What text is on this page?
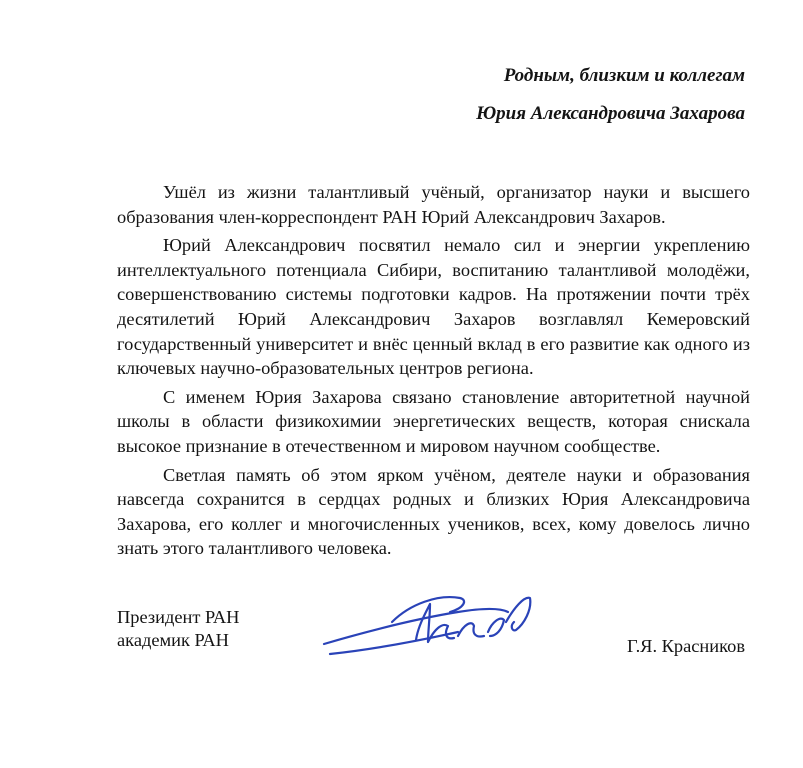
Родным, близким и коллегам
Юрия Александровича Захарова

Ушёл из жизни талантливый учёный, организатор науки и высшего образования член-корреспондент РАН Юрий Александрович Захаров.

Юрий Александрович посвятил немало сил и энергии укреплению интеллектуального потенциала Сибири, воспитанию талантливой молодёжи, совершенствованию системы подготовки кадров. На протяжении почти трёх десятилетий Юрий Александрович Захаров возглавлял Кемеровский государственный университет и внёс ценный вклад в его развитие как одного из ключевых научно-образовательных центров региона.

С именем Юрия Захарова связано становление авторитетной научной школы в области физикохимии энергетических веществ, которая снискала высокое признание в отечественном и мировом научном сообществе.

Светлая память об этом ярком учёном, деятеле науки и образования навсегда сохранится в сердцах родных и близких Юрия Александровича Захарова, его коллег и многочисленных учеников, всех, кому довелось лично знать этого талантливого человека.

Президент РАН
академик РАН	Г.Я. Красников
